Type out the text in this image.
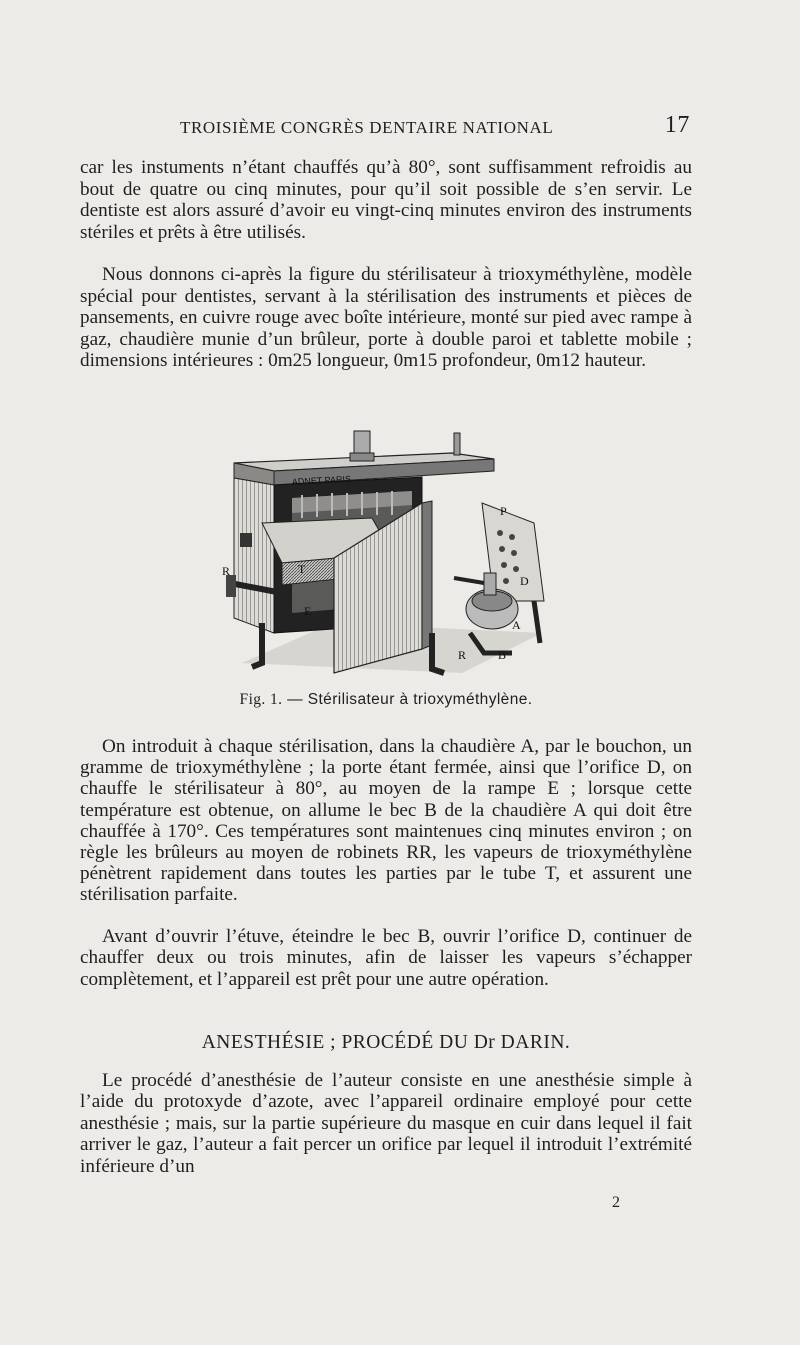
TROISIÈME CONGRÈS DENTAIRE NATIONAL	17

car les instuments n’étant chauffés qu’à 80°, sont suffisamment refroidis au bout de quatre ou cinq minutes, pour qu’il soit possible de s’en servir. Le dentiste est alors assuré d’avoir eu vingt-cinq minutes environ des instruments stériles et prêts à être utilisés.

Nous donnons ci-après la figure du stérilisateur à trioxyméthylène, modèle spécial pour dentistes, servant à la stérilisation des instruments et pièces de pansements, en cuivre rouge avec boîte intérieure, monté sur pied avec rampe à gaz, chaudière munie d’un brûleur, porte à double paroi et tablette mobile ; dimensions intérieures : 0m25 longueur, 0m15 profondeur, 0m12 hauteur.

ADNET PARIS
P
D
R	T
E
A
R	B
Fig. 1. — Stérilisateur à trioxyméthylène.

On introduit à chaque stérilisation, dans la chaudière A, par le bouchon, un gramme de trioxyméthylène ; la porte étant fermée, ainsi que l’orifice D, on chauffe le stérilisateur à 80°, au moyen de la rampe E ; lorsque cette température est obtenue, on allume le bec B de la chaudière A qui doit être chauffée à 170°. Ces températures sont maintenues cinq minutes environ ; on règle les brûleurs au moyen de robinets RR, les vapeurs de trioxyméthylène pénètrent rapidement dans toutes les parties par le tube T, et assurent une stérilisation parfaite.

Avant d’ouvrir l’étuve, éteindre le bec B, ouvrir l’orifice D, continuer de chauffer deux ou trois minutes, afin de laisser les vapeurs s’échapper complètement, et l’appareil est prêt pour une autre opération.

ANESTHÉSIE ; PROCÉDÉ DU Dr DARIN.

Le procédé d’anesthésie de l’auteur consiste en une anesthésie simple à l’aide du protoxyde d’azote, avec l’appareil ordinaire employé pour cette anesthésie ; mais, sur la partie supérieure du masque en cuir dans lequel il fait arriver le gaz, l’auteur a fait percer un orifice par lequel il introduit l’extrémité inférieure d’un

2
